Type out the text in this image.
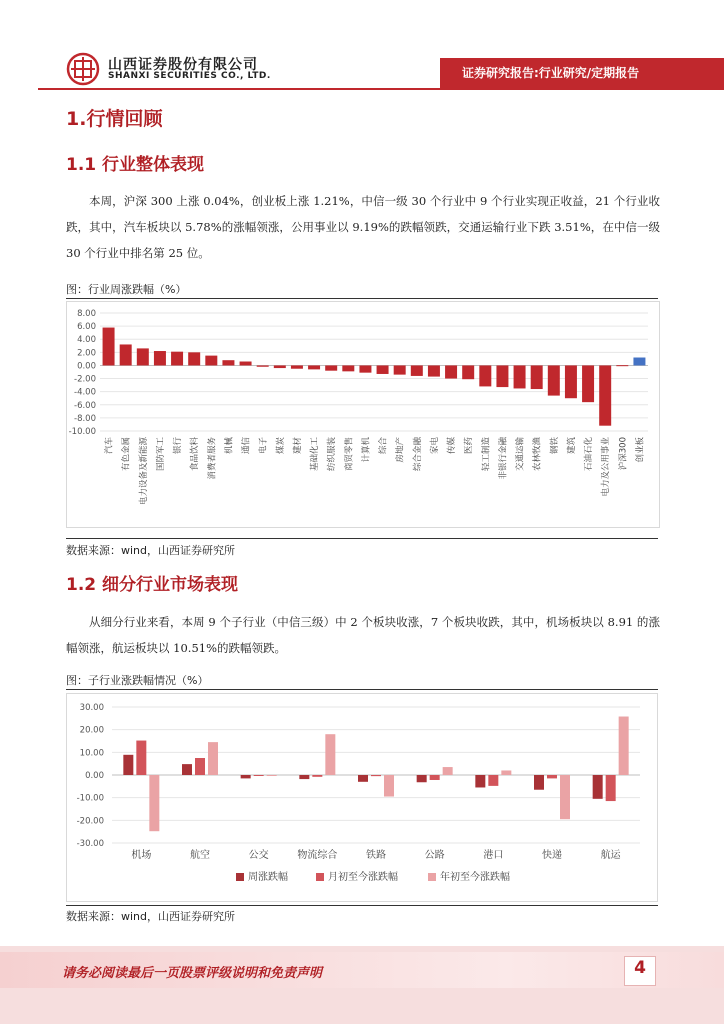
山西证券股份有限公司
SHANXI SECURITIES CO., LTD.	证券研究报告:行业研究/定期报告
1.行情回顾
1.1 行业整体表现
本周，沪深 300 上涨 0.04%，创业板上涨 1.21%，中信一级 30 个行业中 9 个行业实现正收益，21 个行业收跌，其中，汽车板块以 5.78%的涨幅领涨，公用事业以 9.19%的跌幅领跌，交通运输行业下跌 3.51%，在中信一级 30 个行业中排名第 25 位。
图：行业周涨跌幅（%）
8.00
6.00
4.00
2.00
0.00
-2.00
-4.00
-6.00
-8.00
-10.00
汽车 有色金属 电力设备及新能源 国防军工 银行 食品饮料 消费者服务 机械 通信 电子 煤炭 建材 基础化工 纺织服装 商贸零售 计算机 综合 房地产 综合金融 家电 传媒 医药 轻工制造 非银行金融 交通运输 农林牧渔 钢铁 建筑 石油石化 电力及公用事业 沪深300 创业板
数据来源：wind，山西证券研究所
1.2 细分行业市场表现
从细分行业来看，本周 9 个子行业（中信三级）中 2 个板块收涨，7 个板块收跌，其中，机场板块以 8.91 的涨幅领涨，航运板块以 10.51%的跌幅领跌。
图：子行业涨跌幅情况（%）
30.00
20.00
10.00
0.00
-10.00
-20.00
-30.00
机场	航空	公交	物流综合	铁路	公路	港口	快递	航运
周涨跌幅	月初至今涨跌幅	年初至今涨跌幅
数据来源：wind，山西证券研究所
请务必阅读最后一页股票评级说明和免责声明	4
